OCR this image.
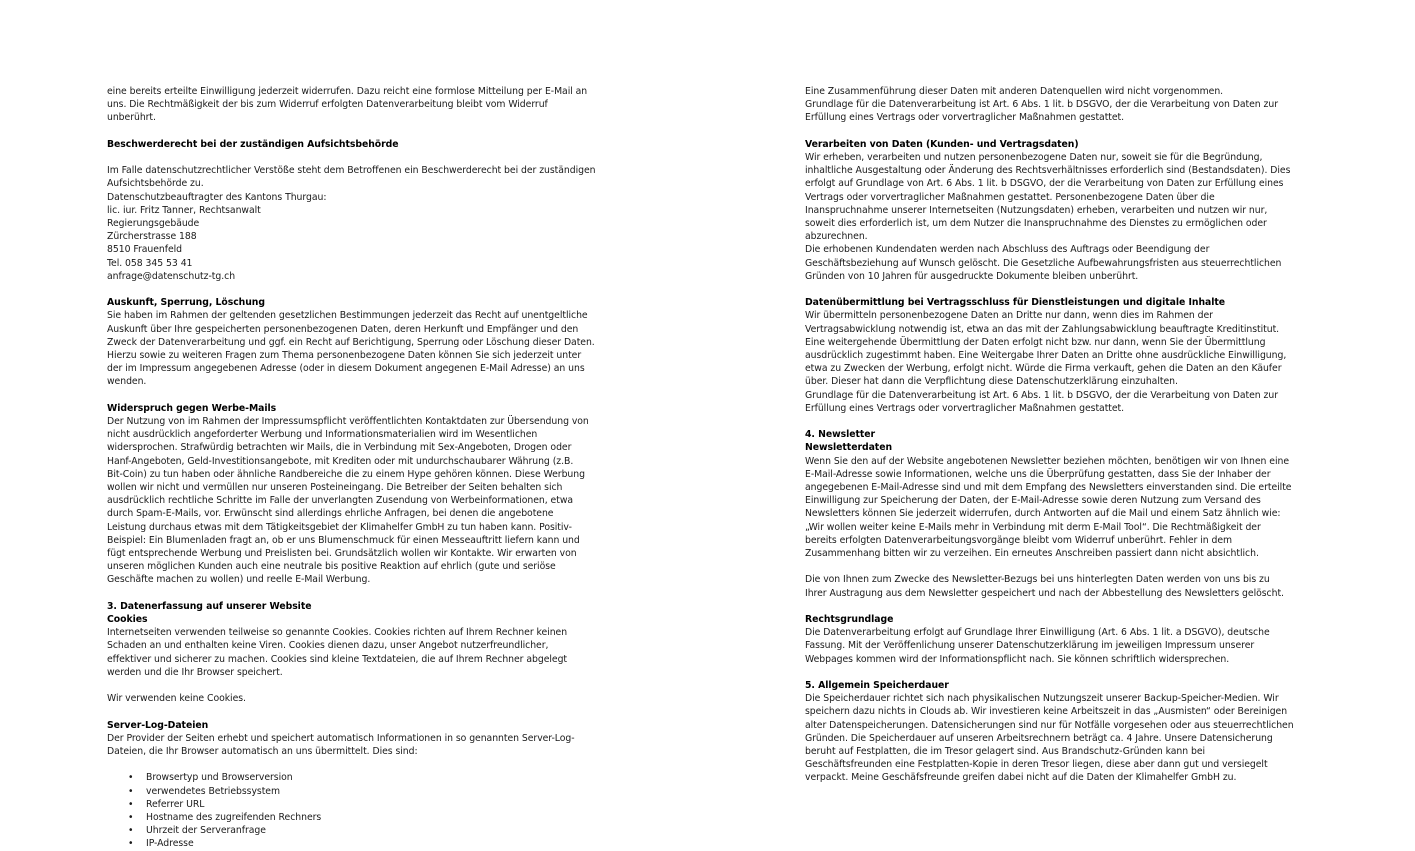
eine bereits erteilte Einwilligung jederzeit widerrufen. Dazu reicht eine formlose Mitteilung per E-Mail an
uns. Die Rechtmäßigkeit der bis zum Widerruf erfolgten Datenverarbeitung bleibt vom Widerruf
unberührt.
Beschwerderecht bei der zuständigen Aufsichtsbehörde
Im Falle datenschutzrechtlicher Verstöße steht dem Betroffenen ein Beschwerderecht bei der zuständigen
Aufsichtsbehörde zu.
Datenschutzbeauftragter des Kantons Thurgau:
lic. iur. Fritz Tanner, Rechtsanwalt
Regierungsgebäude
Zürcherstrasse 188
8510 Frauenfeld
Tel. 058 345 53 41
anfrage@datenschutz-tg.ch
Auskunft, Sperrung, Löschung
Sie haben im Rahmen der geltenden gesetzlichen Bestimmungen jederzeit das Recht auf unentgeltliche
Auskunft über Ihre gespeicherten personenbezogenen Daten, deren Herkunft und Empfänger und den
Zweck der Datenverarbeitung und ggf. ein Recht auf Berichtigung, Sperrung oder Löschung dieser Daten.
Hierzu sowie zu weiteren Fragen zum Thema personenbezogene Daten können Sie sich jederzeit unter
der im Impressum angegebenen Adresse (oder in diesem Dokument angegenen E-Mail Adresse) an uns
wenden.
Widerspruch gegen Werbe-Mails
Der Nutzung von im Rahmen der Impressumspflicht veröffentlichten Kontaktdaten zur Übersendung von
nicht ausdrücklich angeforderter Werbung und Informationsmaterialien wird im Wesentlichen
widersprochen. Strafwürdig betrachten wir Mails, die in Verbindung mit Sex-Angeboten, Drogen oder
Hanf-Angeboten, Geld-Investitionsangebote, mit Krediten oder mit undurchschaubarer Währung (z.B.
Bit-Coin) zu tun haben oder ähnliche Randbereiche die zu einem Hype gehören können. Diese Werbung
wollen wir nicht und vermüllen nur unseren Posteineingang. Die Betreiber der Seiten behalten sich
ausdrücklich rechtliche Schritte im Falle der unverlangten Zusendung von Werbeinformationen, etwa
durch Spam-E-Mails, vor. Erwünscht sind allerdings ehrliche Anfragen, bei denen die angebotene
Leistung durchaus etwas mit dem Tätigkeitsgebiet der Klimahelfer GmbH zu tun haben kann. Positiv-
Beispiel: Ein Blumenladen fragt an, ob er uns Blumenschmuck für einen Messeauftritt liefern kann und
fügt entsprechende Werbung und Preislisten bei. Grundsätzlich wollen wir Kontakte. Wir erwarten von
unseren möglichen Kunden auch eine neutrale bis positive Reaktion auf ehrlich (gute und seriöse
Geschäfte machen zu wollen) und reelle E-Mail Werbung.
3. Datenerfassung auf unserer Website
Cookies
Internetseiten verwenden teilweise so genannte Cookies. Cookies richten auf Ihrem Rechner keinen
Schaden an und enthalten keine Viren. Cookies dienen dazu, unser Angebot nutzerfreundlicher,
effektiver und sicherer zu machen. Cookies sind kleine Textdateien, die auf Ihrem Rechner abgelegt
werden und die Ihr Browser speichert.
Wir verwenden keine Cookies.
Server-Log-Dateien
Der Provider der Seiten erhebt und speichert automatisch Informationen in so genannten Server-Log-
Dateien, die Ihr Browser automatisch an uns übermittelt. Dies sind:
• Browsertyp und Browserversion
• verwendetes Betriebssystem
• Referrer URL
• Hostname des zugreifenden Rechners
• Uhrzeit der Serveranfrage
• IP-Adresse
Eine Zusammenführung dieser Daten mit anderen Datenquellen wird nicht vorgenommen.
Grundlage für die Datenverarbeitung ist Art. 6 Abs. 1 lit. b DSGVO, der die Verarbeitung von Daten zur
Erfüllung eines Vertrags oder vorvertraglicher Maßnahmen gestattet.
Verarbeiten von Daten (Kunden- und Vertragsdaten)
Wir erheben, verarbeiten und nutzen personenbezogene Daten nur, soweit sie für die Begründung,
inhaltliche Ausgestaltung oder Änderung des Rechtsverhältnisses erforderlich sind (Bestandsdaten). Dies
erfolgt auf Grundlage von Art. 6 Abs. 1 lit. b DSGVO, der die Verarbeitung von Daten zur Erfüllung eines
Vertrags oder vorvertraglicher Maßnahmen gestattet. Personenbezogene Daten über die
Inanspruchnahme unserer Internetseiten (Nutzungsdaten) erheben, verarbeiten und nutzen wir nur,
soweit dies erforderlich ist, um dem Nutzer die Inanspruchnahme des Dienstes zu ermöglichen oder
abzurechnen.
Die erhobenen Kundendaten werden nach Abschluss des Auftrags oder Beendigung der
Geschäftsbeziehung auf Wunsch gelöscht. Die Gesetzliche Aufbewahrungsfristen aus steuerrechtlichen
Gründen von 10 Jahren für ausgedruckte Dokumente bleiben unberührt.
Datenübermittlung bei Vertragsschluss für Dienstleistungen und digitale Inhalte
Wir übermitteln personenbezogene Daten an Dritte nur dann, wenn dies im Rahmen der
Vertragsabwicklung notwendig ist, etwa an das mit der Zahlungsabwicklung beauftragte Kreditinstitut.
Eine weitergehende Übermittlung der Daten erfolgt nicht bzw. nur dann, wenn Sie der Übermittlung
ausdrücklich zugestimmt haben. Eine Weitergabe Ihrer Daten an Dritte ohne ausdrückliche Einwilligung,
etwa zu Zwecken der Werbung, erfolgt nicht. Würde die Firma verkauft, gehen die Daten an den Käufer
über. Dieser hat dann die Verpflichtung diese Datenschutzerklärung einzuhalten.
Grundlage für die Datenverarbeitung ist Art. 6 Abs. 1 lit. b DSGVO, der die Verarbeitung von Daten zur
Erfüllung eines Vertrags oder vorvertraglicher Maßnahmen gestattet.
4. Newsletter
Newsletterdaten
Wenn Sie den auf der Website angebotenen Newsletter beziehen möchten, benötigen wir von Ihnen eine
E-Mail-Adresse sowie Informationen, welche uns die Überprüfung gestatten, dass Sie der Inhaber der
angegebenen E-Mail-Adresse sind und mit dem Empfang des Newsletters einverstanden sind. Die erteilte
Einwilligung zur Speicherung der Daten, der E-Mail-Adresse sowie deren Nutzung zum Versand des
Newsletters können Sie jederzeit widerrufen, durch Antworten auf die Mail und einem Satz ähnlich wie:
„Wir wollen weiter keine E-Mails mehr in Verbindung mit derm E-Mail Tool“. Die Rechtmäßigkeit der
bereits erfolgten Datenverarbeitungsvorgänge bleibt vom Widerruf unberührt. Fehler in dem
Zusammenhang bitten wir zu verzeihen. Ein erneutes Anschreiben passiert dann nicht absichtlich.
Die von Ihnen zum Zwecke des Newsletter-Bezugs bei uns hinterlegten Daten werden von uns bis zu
Ihrer Austragung aus dem Newsletter gespeichert und nach der Abbestellung des Newsletters gelöscht.
Rechtsgrundlage
Die Datenverarbeitung erfolgt auf Grundlage Ihrer Einwilligung (Art. 6 Abs. 1 lit. a DSGVO), deutsche
Fassung. Mit der Veröffenlichung unserer Datenschutzerklärung im jeweiligen Impressum unserer
Webpages kommen wird der Informationspflicht nach. Sie können schriftlich widersprechen.
5. Allgemein Speicherdauer
Die Speicherdauer richtet sich nach physikalischen Nutzungszeit unserer Backup-Speicher-Medien. Wir
speichern dazu nichts in Clouds ab. Wir investieren keine Arbeitszeit in das „Ausmisten“ oder Bereinigen
alter Datenspeicherungen. Datensicherungen sind nur für Notfälle vorgesehen oder aus steuerrechtlichen
Gründen. Die Speicherdauer auf unseren Arbeitsrechnern beträgt ca. 4 Jahre. Unsere Datensicherung
beruht auf Festplatten, die im Tresor gelagert sind. Aus Brandschutz-Gründen kann bei
Geschäftsfreunden eine Festplatten-Kopie in deren Tresor liegen, diese aber dann gut und versiegelt
verpackt. Meine Geschäfsfreunde greifen dabei nicht auf die Daten der Klimahelfer GmbH zu.
